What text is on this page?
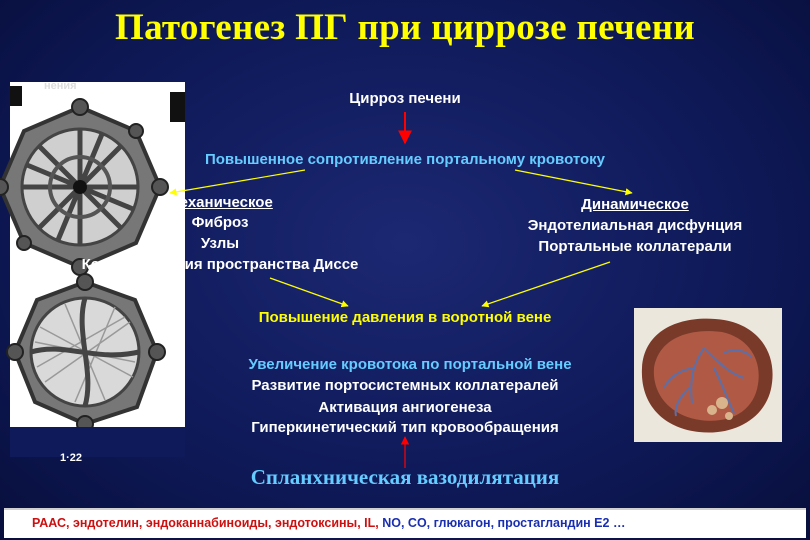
Патогенез ПГ при циррозе печени
нения
1·22
Цирроз печени
Повышенное сопротивление портальному кровотоку
Механическое
Фиброз
Узлы
Коллагенизация пространства Диссе
Динамическое
Эндотелиальная дисфунция
Портальные коллатерали
Повышение давления в воротной вене
Увеличение кровотока по портальной вене
Развитие портосистемных коллатералей
Активация ангиогенеза
Гиперкинетический тип кровообращения
Спланхническая вазодилятация
РААС, эндотелин, эндоканнабиноиды, эндотоксины, IL, NO, CO, глюкагон, простагландин Е2 …
